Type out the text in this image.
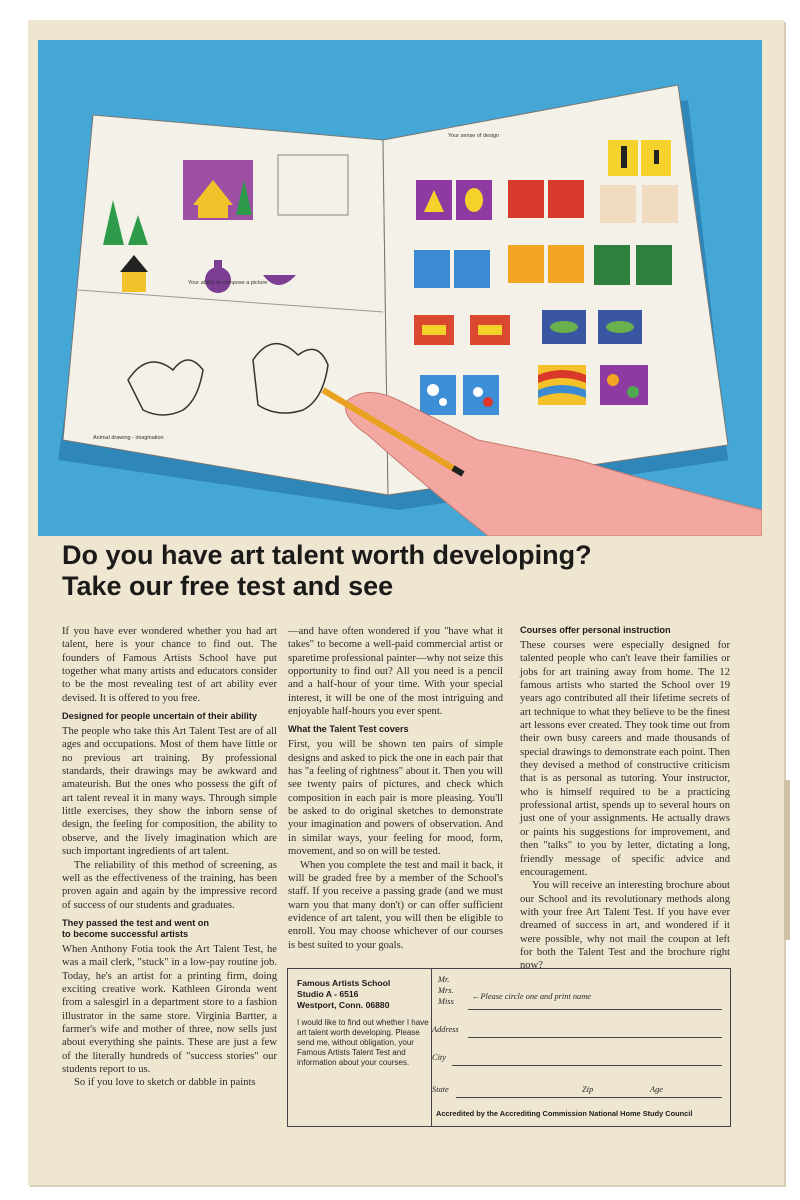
Your ability to compose a picture
Your sense of design
Animal drawing - imagination
Do you have art talent worth developing?
Take our free test and see

If you have ever wondered whether you had art talent, here is your chance to find out. The founders of Famous Artists School have put together what many artists and educators consider to be the most revealing test of art ability ever devised. It is offered to you free.

Designed for people uncertain of their ability

The people who take this Art Talent Test are of all ages and occupations. Most of them have little or no previous art training. By professional standards, their drawings may be awkward and amateurish. But the ones who possess the gift of art talent reveal it in many ways. Through simple little exercises, they show the inborn sense of design, the feeling for composition, the ability to observe, and the lively imagination which are such important ingredients of art talent.

The reliability of this method of screening, as well as the effectiveness of the training, has been proven again and again by the impressive record of success of our students and graduates.

They passed the test and went on
to become successful artists

When Anthony Fotia took the Art Talent Test, he was a mail clerk, "stuck" in a low-pay routine job. Today, he's an artist for a printing firm, doing exciting creative work. Kathleen Gironda went from a salesgirl in a department store to a fashion illustrator in the same store. Virginia Bartter, a farmer's wife and mother of three, now sells just about everything she paints. These are just a few of the literally hundreds of "success stories" our students report to us.

So if you love to sketch or dabble in paints

—and have often wondered if you "have what it takes" to become a well-paid commercial artist or sparetime professional painter—why not seize this opportunity to find out? All you need is a pencil and a half-hour of your time. With your special interest, it will be one of the most intriguing and enjoyable half-hours you ever spent.

What the Talent Test covers

First, you will be shown ten pairs of simple designs and asked to pick the one in each pair that has "a feeling of rightness" about it. Then you will see twenty pairs of pictures, and check which composition in each pair is more pleasing. You'll be asked to do original sketches to demonstrate your imagination and powers of observation. And in similar ways, your feeling for mood, form, movement, and so on will be tested.

When you complete the test and mail it back, it will be graded free by a member of the School's staff. If you receive a passing grade (and we must warn you that many don't) or can offer sufficient evidence of art talent, you will then be eligible to enroll. You may choose whichever of our courses is best suited to your goals.

Courses offer personal instruction

These courses were especially designed for talented people who can't leave their families or jobs for art training away from home. The 12 famous artists who started the School over 19 years ago contributed all their lifetime secrets of art technique to what they believe to be the finest art lessons ever created. They took time out from their own busy careers and made thousands of special drawings to demonstrate each point. Then they devised a method of constructive criticism that is as personal as tutoring. Your instructor, who is himself required to be a practicing professional artist, spends up to several hours on just one of your assignments. He actually draws or paints his suggestions for improvement, and then "talks" to you by letter, dictating a long, friendly message of specific advice and encouragement.

You will receive an interesting brochure about our School and its revolutionary methods along with your free Art Talent Test. If you have ever dreamed of success in art, and wondered if it were possible, why not mail the coupon at left for both the Talent Test and the brochure right now?

Famous Artists School
Studio A - 6516
Westport, Conn. 06880
I would like to find out whether I have art talent worth developing. Please send me, without obligation, your Famous Artists Talent Test and information about your courses.
Mr.
Mrs.
Miss
←Please circle one and print name
Address
City
State	Zip	Age
Accredited by the Accrediting Commission National Home Study Council
